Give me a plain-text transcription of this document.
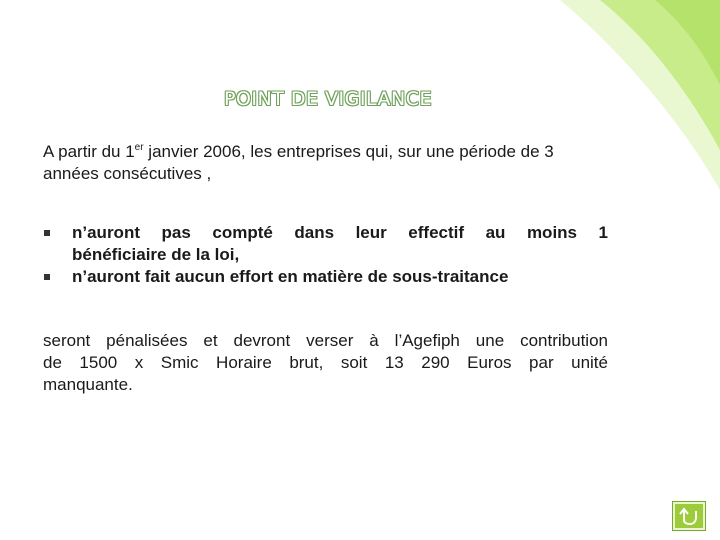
POINT DE VIGILANCE
A partir du 1er janvier 2006, les entreprises qui, sur une période de 3 années consécutives ,
n’auront pas compté dans leur effectif au moins 1
bénéficiaire de la loi,
n’auront fait aucun effort en matière de sous-traitance
seront pénalisées et devront verser à l’Agefiph une contribution
de 1500 x Smic Horaire brut, soit 13 290 Euros par unité
manquante.
